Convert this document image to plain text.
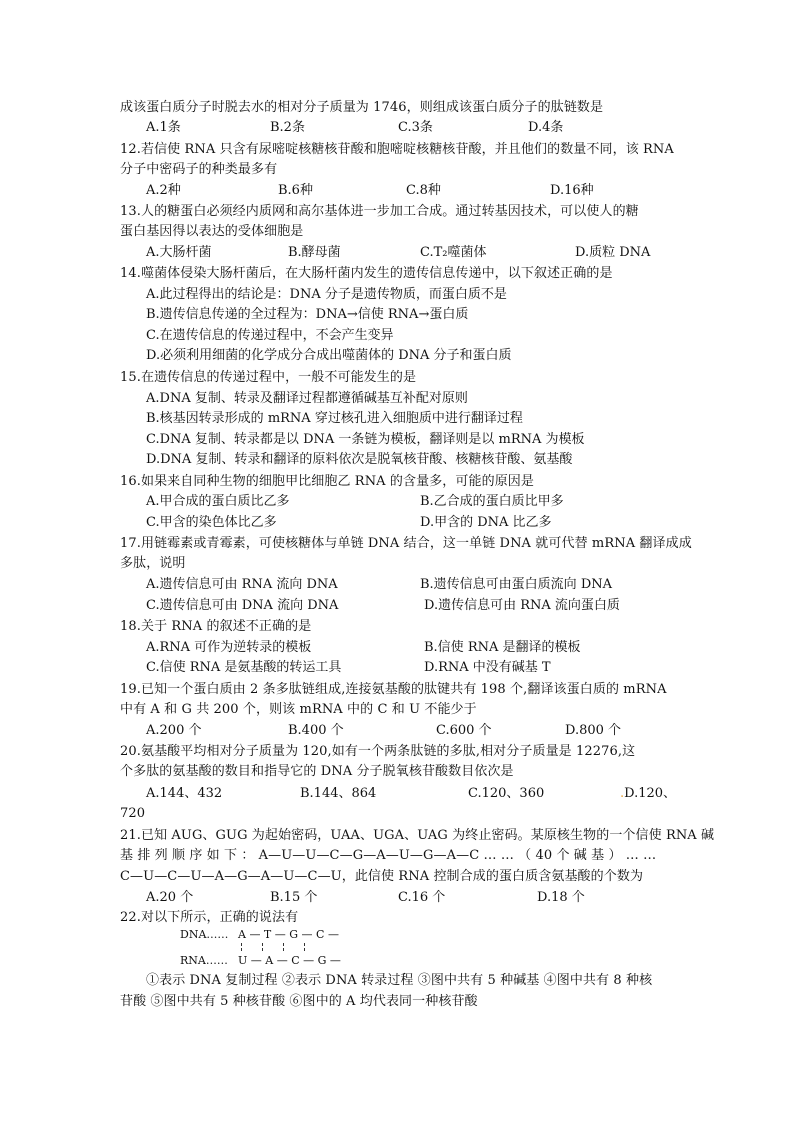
成该蛋白质分子时脱去水的相对分子质量为 1746，则组成该蛋白质分子的肽链数是
A.1条	B.2条	C.3条	D.4条
12.若信使 RNA 只含有尿嘧啶核糖核苷酸和胞嘧啶核糖核苷酸，并且他们的数量不同，该 RNA
分子中密码子的种类最多有
A.2种	B.6种	C.8种	D.16种
13.人的糖蛋白必须经内质网和高尔基体进一步加工合成。通过转基因技术，可以使人的糖
蛋白基因得以表达的受体细胞是
A.大肠杆菌	B.酵母菌	C.T₂噬菌体	D.质粒 DNA
14.噬菌体侵染大肠杆菌后，在大肠杆菌内发生的遗传信息传递中，以下叙述正确的是
A.此过程得出的结论是：DNA 分子是遗传物质，而蛋白质不是
B.遗传信息传递的全过程为：DNA→信使 RNA→蛋白质
C.在遗传信息的传递过程中，不会产生变异
D.必须利用细菌的化学成分合成出噬菌体的 DNA 分子和蛋白质
15.在遗传信息的传递过程中，一般不可能发生的是
A.DNA 复制、转录及翻译过程都遵循碱基互补配对原则
B.核基因转录形成的 mRNA 穿过核孔进入细胞质中进行翻译过程
C.DNA 复制、转录都是以 DNA 一条链为模板，翻译则是以 mRNA 为模板
D.DNA 复制、转录和翻译的原料依次是脱氧核苷酸、核糖核苷酸、氨基酸
16.如果来自同种生物的细胞甲比细胞乙 RNA 的含量多，可能的原因是
A.甲合成的蛋白质比乙多	B.乙合成的蛋白质比甲多
C.甲含的染色体比乙多	D.甲含的 DNA 比乙多
17.用链霉素或青霉素，可使核糖体与单链 DNA 结合，这一单链 DNA 就可代替 mRNA 翻译成成
多肽，说明
A.遗传信息可由 RNA 流向 DNA	B.遗传信息可由蛋白质流向 DNA
C.遗传信息可由 DNA 流向 DNA	D.遗传信息可由 RNA 流向蛋白质
18.关于 RNA 的叙述不正确的是
A.RNA 可作为逆转录的模板	B.信使 RNA 是翻译的模板
C.信使 RNA 是氨基酸的转运工具	D.RNA 中没有碱基 T
19.已知一个蛋白质由 2 条多肽链组成,连接氨基酸的肽键共有 198 个,翻译该蛋白质的 mRNA
中有 A 和 G 共 200 个，则该 mRNA 中的 C 和 U 不能少于
A.200 个	B.400 个	C.600 个	D.800 个
20.氨基酸平均相对分子质量为 120,如有一个两条肽链的多肽,相对分子质量是 12276,这
个多肽的氨基酸的数目和指导它的 DNA 分子脱氧核苷酸数目依次是
A.144、432	B.144、864	C.120、360	.D.120、
720
21.已知 AUG、GUG 为起始密码，UAA、UGA、UAG 为终止密码。某原核生物的一个信使 RNA 碱
基 排 列 顺 序 如 下 ： A—U—U—C—G—A—U—G—A—C … … （ 40 个 碱 基 ） … …
C—U—C—U—A—G—A—U—C—U，此信使 RNA 控制合成的蛋白质含氨基酸的个数为
A.20 个	B.15 个	C.16 个	D.18 个
22.对以下所示，正确的说法有
DNA…… A — T — G — C —
RNA…… U — A — C — G —
①表示 DNA 复制过程 ②表示 DNA 转录过程 ③图中共有 5 种碱基 ④图中共有 8 种核
苷酸 ⑤图中共有 5 种核苷酸 ⑥图中的 A 均代表同一种核苷酸
